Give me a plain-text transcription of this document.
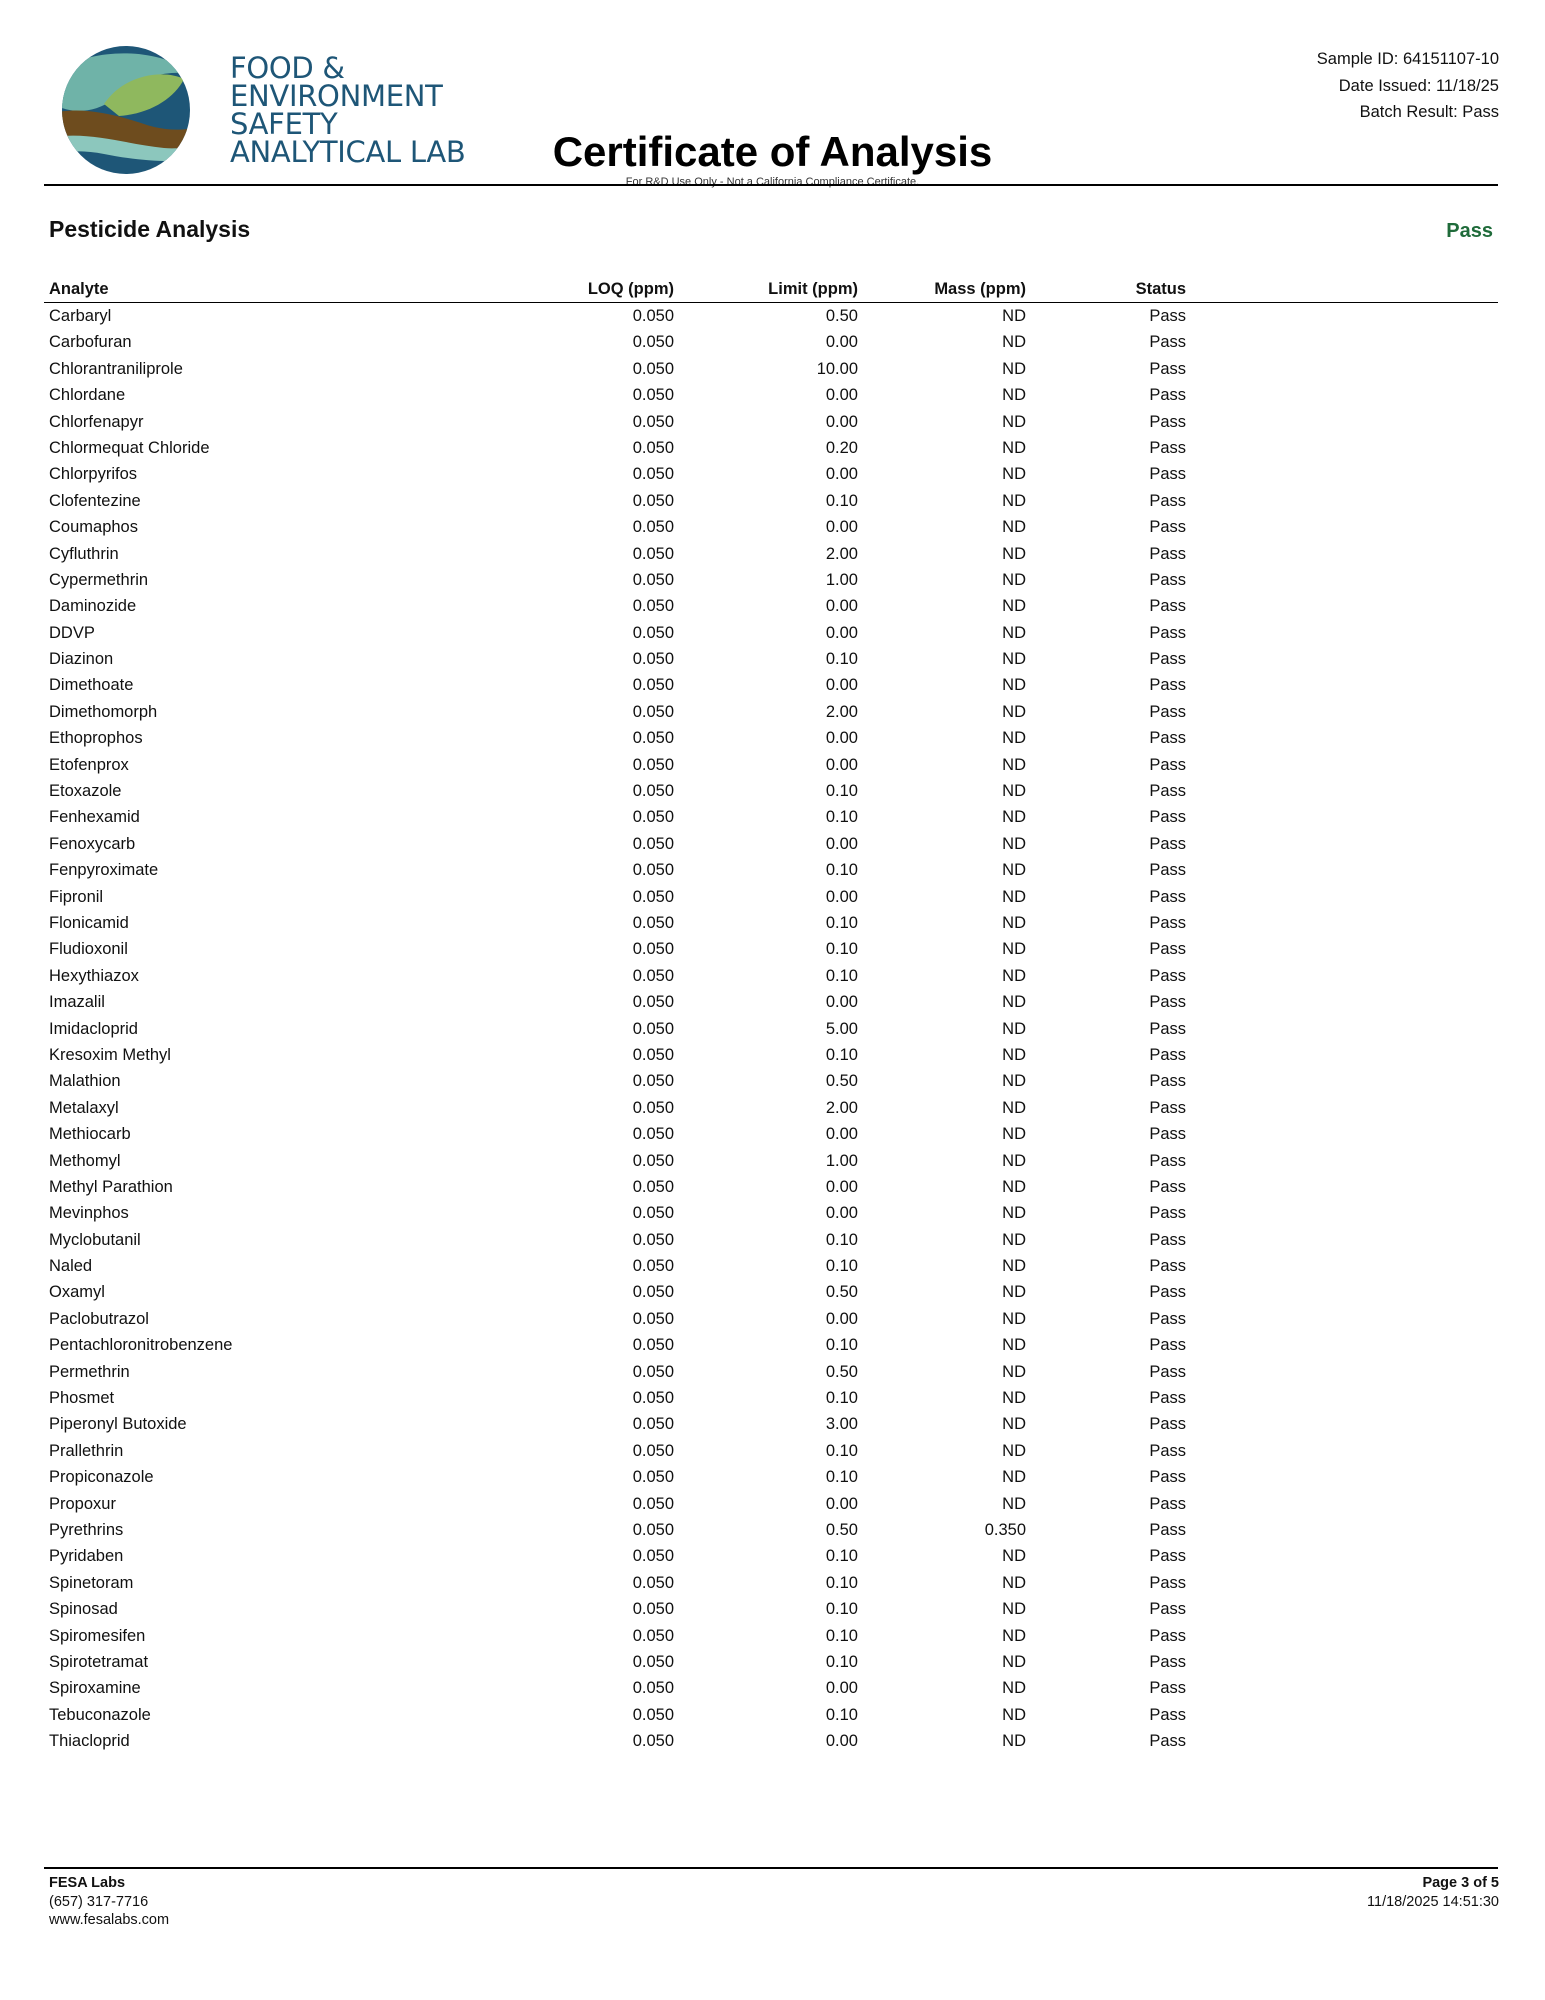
FOOD &
ENVIRONMENT
SAFETY
ANALYTICAL LAB	Certificate of Analysis
For R&D Use Only - Not a California Compliance Certificate.
Sample ID: 64151107-10
Date Issued: 11/18/25
Batch Result: Pass
Pesticide Analysis	Pass
Analyte	LOQ (ppm)	Limit (ppm)	Mass (ppm)	Status
Carbaryl	0.050	0.50	ND	Pass
Carbofuran	0.050	0.00	ND	Pass
Chlorantraniliprole	0.050	10.00	ND	Pass
Chlordane	0.050	0.00	ND	Pass
Chlorfenapyr	0.050	0.00	ND	Pass
Chlormequat Chloride	0.050	0.20	ND	Pass
Chlorpyrifos	0.050	0.00	ND	Pass
Clofentezine	0.050	0.10	ND	Pass
Coumaphos	0.050	0.00	ND	Pass
Cyfluthrin	0.050	2.00	ND	Pass
Cypermethrin	0.050	1.00	ND	Pass
Daminozide	0.050	0.00	ND	Pass
DDVP	0.050	0.00	ND	Pass
Diazinon	0.050	0.10	ND	Pass
Dimethoate	0.050	0.00	ND	Pass
Dimethomorph	0.050	2.00	ND	Pass
Ethoprophos	0.050	0.00	ND	Pass
Etofenprox	0.050	0.00	ND	Pass
Etoxazole	0.050	0.10	ND	Pass
Fenhexamid	0.050	0.10	ND	Pass
Fenoxycarb	0.050	0.00	ND	Pass
Fenpyroximate	0.050	0.10	ND	Pass
Fipronil	0.050	0.00	ND	Pass
Flonicamid	0.050	0.10	ND	Pass
Fludioxonil	0.050	0.10	ND	Pass
Hexythiazox	0.050	0.10	ND	Pass
Imazalil	0.050	0.00	ND	Pass
Imidacloprid	0.050	5.00	ND	Pass
Kresoxim Methyl	0.050	0.10	ND	Pass
Malathion	0.050	0.50	ND	Pass
Metalaxyl	0.050	2.00	ND	Pass
Methiocarb	0.050	0.00	ND	Pass
Methomyl	0.050	1.00	ND	Pass
Methyl Parathion	0.050	0.00	ND	Pass
Mevinphos	0.050	0.00	ND	Pass
Myclobutanil	0.050	0.10	ND	Pass
Naled	0.050	0.10	ND	Pass
Oxamyl	0.050	0.50	ND	Pass
Paclobutrazol	0.050	0.00	ND	Pass
Pentachloronitrobenzene	0.050	0.10	ND	Pass
Permethrin	0.050	0.50	ND	Pass
Phosmet	0.050	0.10	ND	Pass
Piperonyl Butoxide	0.050	3.00	ND	Pass
Prallethrin	0.050	0.10	ND	Pass
Propiconazole	0.050	0.10	ND	Pass
Propoxur	0.050	0.00	ND	Pass
Pyrethrins	0.050	0.50	0.350	Pass
Pyridaben	0.050	0.10	ND	Pass
Spinetoram	0.050	0.10	ND	Pass
Spinosad	0.050	0.10	ND	Pass
Spiromesifen	0.050	0.10	ND	Pass
Spirotetramat	0.050	0.10	ND	Pass
Spiroxamine	0.050	0.00	ND	Pass
Tebuconazole	0.050	0.10	ND	Pass
Thiacloprid	0.050	0.00	ND	Pass
FESA Labs
(657) 317-7716
www.fesalabs.com
Page 3 of 5
11/18/2025 14:51:30
